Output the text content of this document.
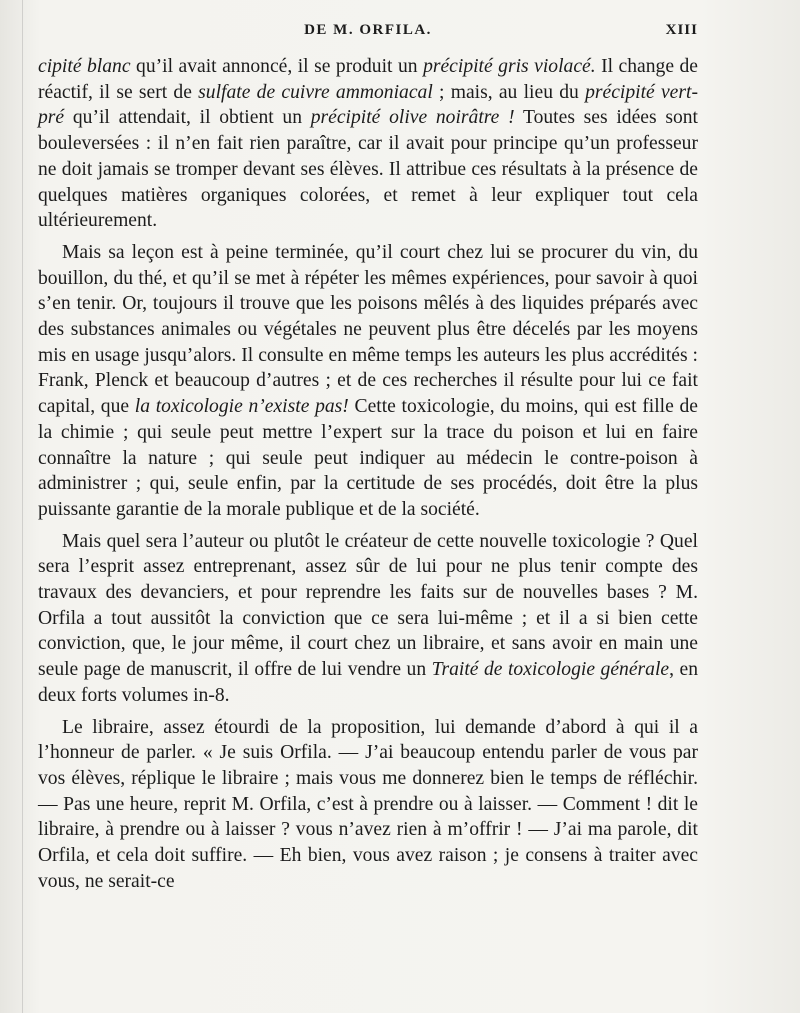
DE M. ORFILA.	XIII

cipité blanc qu’il avait annoncé, il se produit un précipité gris violacé. Il change de réactif, il se sert de sulfate de cuivre ammoniacal ; mais, au lieu du précipité vert-pré qu’il attendait, il obtient un précipité olive noirâtre ! Toutes ses idées sont bouleversées : il n’en fait rien paraître, car il avait pour principe qu’un professeur ne doit jamais se tromper devant ses élèves. Il attribue ces résultats à la présence de quelques matières organiques colorées, et remet à leur expliquer tout cela ultérieurement.

Mais sa leçon est à peine terminée, qu’il court chez lui se procurer du vin, du bouillon, du thé, et qu’il se met à répéter les mêmes expériences, pour savoir à quoi s’en tenir. Or, toujours il trouve que les poisons mêlés à des liquides préparés avec des substances animales ou végétales ne peuvent plus être décelés par les moyens mis en usage jusqu’alors. Il consulte en même temps les auteurs les plus accrédités : Frank, Plenck et beaucoup d’autres ; et de ces recherches il résulte pour lui ce fait capital, que la toxicologie n’existe pas! Cette toxicologie, du moins, qui est fille de la chimie ; qui seule peut mettre l’expert sur la trace du poison et lui en faire connaître la nature ; qui seule peut indiquer au médecin le contre-poison à administrer ; qui, seule enfin, par la certitude de ses procédés, doit être la plus puissante garantie de la morale publique et de la société.

Mais quel sera l’auteur ou plutôt le créateur de cette nouvelle toxicologie ? Quel sera l’esprit assez entreprenant, assez sûr de lui pour ne plus tenir compte des travaux des devanciers, et pour reprendre les faits sur de nouvelles bases ? M. Orfila a tout aussitôt la conviction que ce sera lui-même ; et il a si bien cette conviction, que, le jour même, il court chez un libraire, et sans avoir en main une seule page de manuscrit, il offre de lui vendre un Traité de toxicologie générale, en deux forts volumes in-8.

Le libraire, assez étourdi de la proposition, lui demande d’abord à qui il a l’honneur de parler. « Je suis Orfila. — J’ai beaucoup entendu parler de vous par vos élèves, réplique le libraire ; mais vous me donnerez bien le temps de réfléchir. — Pas une heure, reprit M. Orfila, c’est à prendre ou à laisser. — Comment ! dit le libraire, à prendre ou à laisser ? vous n’avez rien à m’offrir ! — J’ai ma parole, dit Orfila, et cela doit suffire. — Eh bien, vous avez raison ; je consens à traiter avec vous, ne serait-ce
